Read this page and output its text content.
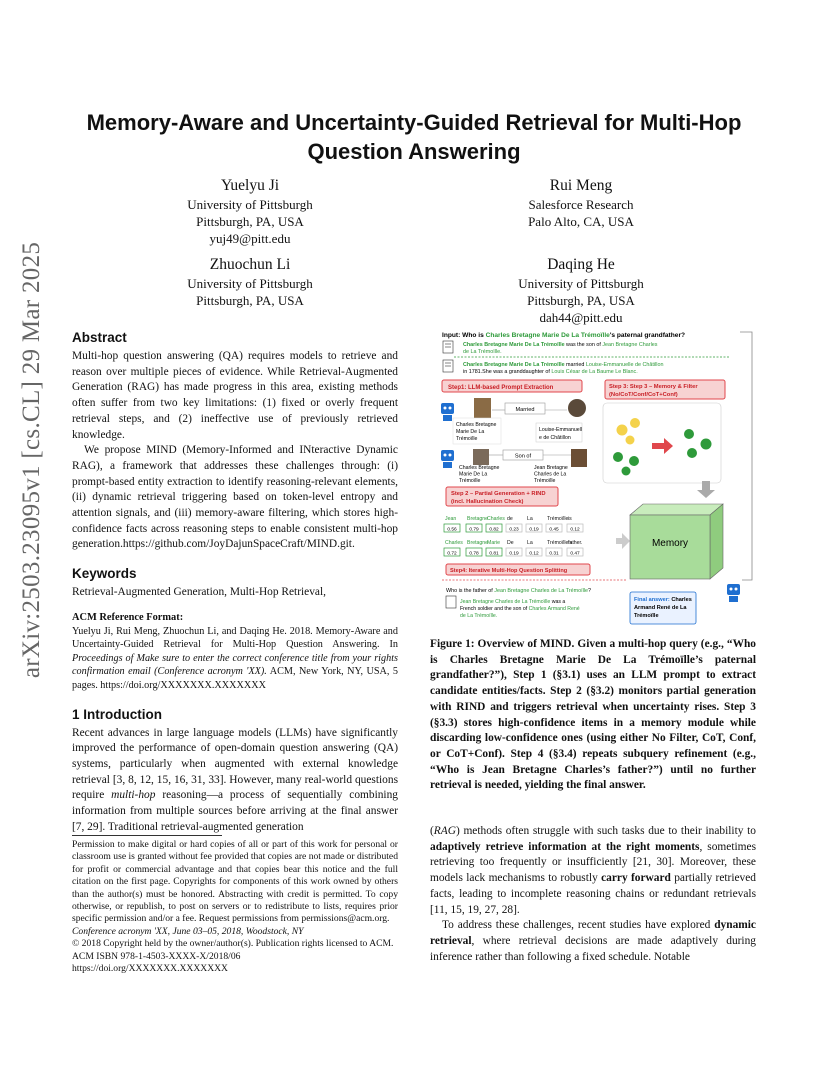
arXiv:2503.23095v1 [cs.CL] 29 Mar 2025
Memory-Aware and Uncertainty-Guided Retrieval for Multi-Hop
Question Answering
Yuelyu Ji
University of Pittsburgh
Pittsburgh, PA, USA
yuj49@pitt.edu
Rui Meng
Salesforce Research
Palo Alto, CA, USA
Zhuochun Li
University of Pittsburgh
Pittsburgh, PA, USA
Daqing He
University of Pittsburgh
Pittsburgh, PA, USA
dah44@pitt.edu
Abstract

Multi-hop question answering (QA) requires models to retrieve and reason over multiple pieces of evidence. While Retrieval-Augmented Generation (RAG) has made progress in this area, existing methods often suffer from two key limitations: (1) fixed or overly frequent retrieval steps, and (2) ineffective use of previously retrieved knowledge.

We propose MIND (Memory-Informed and INteractive Dynamic RAG), a framework that addresses these challenges through: (i) prompt-based entity extraction to identify reasoning-relevant elements, (ii) dynamic retrieval triggering based on token-level entropy and attention signals, and (iii) memory-aware filtering, which stores high-confidence facts across reasoning steps to enable consistent multi-hop generation.https://github.com/JoyDajunSpaceCraft/MIND.git.

Keywords

Retrieval-Augmented Generation, Multi-Hop Retrieval,

ACM Reference Format:

Yuelyu Ji, Rui Meng, Zhuochun Li, and Daqing He. 2018. Memory-Aware and Uncertainty-Guided Retrieval for Multi-Hop Question Answering. In Proceedings of Make sure to enter the correct conference title from your rights confirmation email (Conference acronym 'XX). ACM, New York, NY, USA, 5 pages. https://doi.org/XXXXXXX.XXXXXXX

1 Introduction

Recent advances in large language models (LLMs) have significantly improved the performance of open-domain question answering (QA) systems, particularly when augmented with external knowledge retrieval [3, 8, 12, 15, 16, 31, 33]. However, many real-world questions require multi-hop reasoning—a process of sequentially combining information from multiple sources before arriving at the final answer [7, 29]. Traditional retrieval-augmented generation

Permission to make digital or hard copies of all or part of this work for personal or classroom use is granted without fee provided that copies are not made or distributed for profit or commercial advantage and that copies bear this notice and the full citation on the first page. Copyrights for components of this work owned by others than the author(s) must be honored. Abstracting with credit is permitted. To copy otherwise, or republish, to post on servers or to redistribute to lists, requires prior specific permission and/or a fee. Request permissions from permissions@acm.org.

Conference acronym 'XX, June 03–05, 2018, Woodstock, NY
© 2018 Copyright held by the owner/author(s). Publication rights licensed to ACM.
ACM ISBN 978-1-4503-XXXX-X/2018/06
https://doi.org/XXXXXXX.XXXXXXX
Input: Who is Charles Bretagne Marie De La Trémoïlle's paternal grandfather?
Charles Bretagne Marie De La Trémoïlle was the son of Jean Bretagne Charles
de La Trémoïlle.
Charles Bretagne Marie De La Trémoïlle married Louise-Emmanuelle de Châtillon
in 1781.She was a granddaughter of Louis César de La Baume Le Blanc.
Step1: LLM-based Prompt Extraction	Step 3: Step 3 – Memory & Filter
(No/CoT/Conf/CoT+Conf)
Married
Charles Bretagne
Marie De La
Trémoïlle
Louise-Emmanuell
e de Châtillon
Son of
Charles Bretagne
Marie De La
Trémoïlle
Jean Bretagne
Charles de La
Trémoïlle
Step 2 – Partial Generation + RIND
(incl. Hallucination Check)
Jean
0.56
Bretagne
0.79
Charles
0.82
de
0.23
La
0.19
Trémoïlle
0.45
is
0.12
Charles
0.72
Bretagne
0.78
Marie
0.81
De
0.19
La
0.12
Trémoïlle's
0.31
father.
0.47
Memory
Step4: Iterative Multi-Hop Question Splitting
Who is the father of Jean Bretagne Charles de La Trémoïlle?
Jean Bretagne Charles de La Trémoïlle was a
French soldier and the son of Charles Armand René
de La Trémoïlle.
Final answer: Charles
Armand René de La
Trémoïlle
Figure 1: Overview of MIND. Given a multi-hop query (e.g., “Who is Charles Bretagne Marie De La Trémoïlle’s paternal grandfather?”), Step 1 (§3.1) uses an LLM prompt to extract candidate entities/facts. Step 2 (§3.2) monitors partial generation with RIND and triggers retrieval when uncertainty rises. Step 3 (§3.3) stores high-confidence items in a memory module while discarding low-confidence ones (using either No Filter, CoT, Conf, or CoT+Conf). Step 4 (§3.4) repeats subquery refinement (e.g., “Who is Jean Bretagne Charles’s father?”) until no further retrieval is needed, yielding the final answer.

(RAG) methods often struggle with such tasks due to their inability to adaptively retrieve information at the right moments, sometimes retrieving too frequently or insufficiently [21, 30]. Moreover, these models lack mechanisms to robustly carry forward partially retrieved facts, leading to incomplete reasoning chains or redundant retrievals [11, 15, 19, 27, 28].

To address these challenges, recent studies have explored dynamic retrieval, where retrieval decisions are made adaptively during inference rather than following a fixed schedule. Notable
